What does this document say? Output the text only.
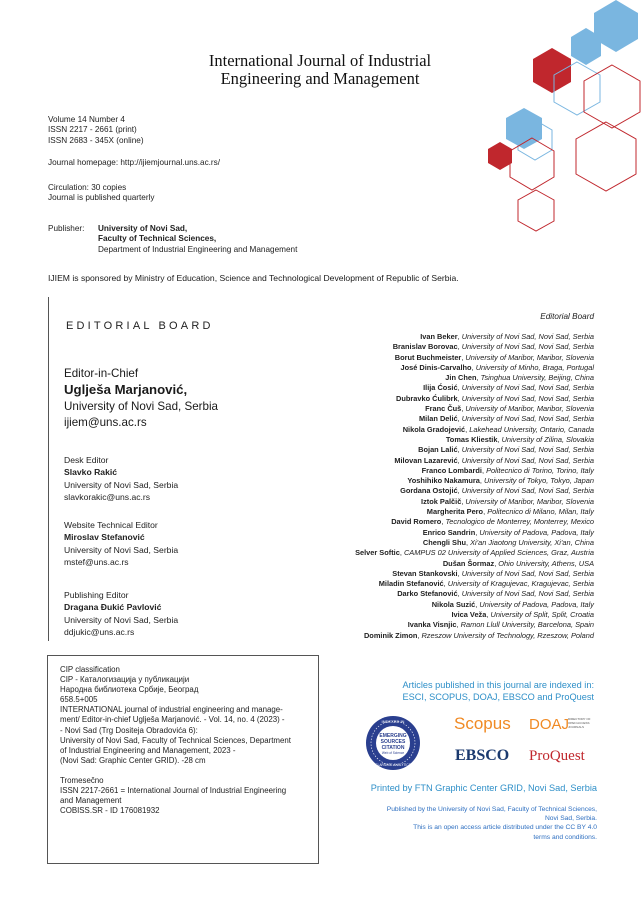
International Journal of Industrial
Engineering and Management
Volume 14 Number 4
ISSN 2217 - 2661 (print)
ISSN 2683 - 345X (online)
Journal homepage: http://ijiemjournal.uns.ac.rs/
Circulation: 30 copies
Journal is published quarterly
Publisher: University of Novi Sad,
Faculty of Technical Sciences,
Department of Industrial Engineering and Management
IJIEM is sponsored by Ministry of Education, Science and Technological Development of Republic of Serbia.
EDITORIAL BOARD
Editor-in-Chief
Uglješa Marjanović,
University of Novi Sad, Serbia
ijiem@uns.ac.rs
Desk Editor
Slavko Rakić
University of Novi Sad, Serbia
slavkorakic@uns.ac.rs
Website Technical Editor
Miroslav Stefanović
University of Novi Sad, Serbia
mstef@uns.ac.rs
Publishing Editor
Dragana Đukić Pavlović
University of Novi Sad, Serbia
ddjukic@uns.ac.rs
Editorial Board
Ivan Beker, University of Novi Sad, Novi Sad, Serbia
Branislav Borovac, University of Novi Sad, Novi Sad, Serbia
Borut Buchmeister, University of Maribor, Maribor, Slovenia
José Dinis-Carvalho, University of Minho, Braga, Portugal
Jin Chen, Tsinghua University, Beijing, China
Ilija Ćosić, University of Novi Sad, Novi Sad, Serbia
Dubravko Ćulibrk, University of Novi Sad, Novi Sad, Serbia
Franc Čuš, University of Maribor, Maribor, Slovenia
Milan Delić, University of Novi Sad, Novi Sad, Serbia
Nikola Gradojević, Lakehead University, Ontario, Canada
Tomas Kliestik, University of Zilina, Slovakia
Bojan Lalić, University of Novi Sad, Novi Sad, Serbia
Milovan Lazarević, University of Novi Sad, Novi Sad, Serbia
Franco Lombardi, Politecnico di Torino, Torino, Italy
Yoshihiko Nakamura, University of Tokyo, Tokyo, Japan
Gordana Ostojić, University of Novi Sad, Novi Sad, Serbia
Iztok Palčič, University of Maribor, Maribor, Slovenia
Margherita Pero, Politecnico di Milano, Milan, Italy
David Romero, Tecnologico de Monterrey, Monterrey, Mexico
Enrico Sandrin, University of Padova, Padova, Italy
Chengli Shu, Xi'an Jiaotong University, Xi'an, China
Selver Softic, CAMPUS 02 University of Applied Sciences, Graz, Austria
Dušan Šormaz, Ohio University, Athens, USA
Stevan Stankovski, University of Novi Sad, Novi Sad, Serbia
Miladin Stefanović, University of Kragujevac, Kragujevac, Serbia
Darko Stefanović, University of Novi Sad, Novi Sad, Serbia
Nikola Suzić, University of Padova, Padova, Italy
Ivica Veža, University of Split, Split, Croatia
Ivanka Visnjic, Ramon Llull University, Barcelona, Spain
Dominik Zimon, Rzeszow University of Technology, Rzeszow, Poland
CIP classification
CIP - Каталогизација у публикацији
Народна библиотека Србије, Београд
658.5+005
INTERNATIONAL journal of industrial engineering and manage-
ment/ Editor-in-chief Uglješa Marjanović. - Vol. 14, no. 4 (2023) -
- Novi Sad (Trg Dositeja Obradovića 6):
University of Novi Sad, Faculty of Technical Sciences, Department
of Industrial Engineering and Management, 2023 -
(Novi Sad: Graphic Center GRID). -28 cm
Tromesečno
ISSN 2217-2661 = International Journal of Industrial Engineering
and Management
COBISS.SR - ID 176081932
Articles published in this journal are indexed in:
ESCI, SCOPUS, DOAJ, EBSCO and ProQuest
INDEXED IN
EMERGING
SOURCES
CITATION
Web of Science
CLARIVATE ANALYTICS
Scopus DOAJ
DIRECTORY OF
OPEN ACCESS
JOURNALS
EBSCO ProQuest
Printed by FTN Graphic Center GRID, Novi Sad, Serbia
Published by the University of Novi Sad, Faculty of Technical Sciences,
Novi Sad, Serbia.
This is an open access article distributed under the CC BY 4.0
terms and conditions.
